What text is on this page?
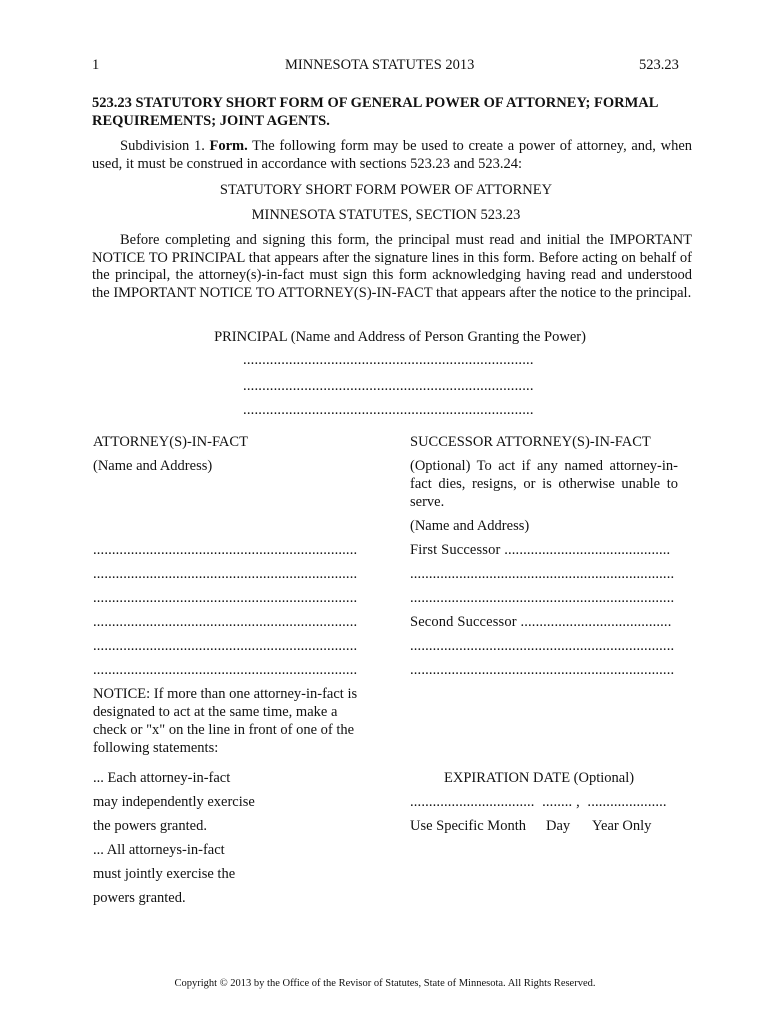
1	MINNESOTA STATUTES 2013	523.23
523.23 STATUTORY SHORT FORM OF GENERAL POWER OF ATTORNEY; FORMAL REQUIREMENTS; JOINT AGENTS.
Subdivision 1. Form. The following form may be used to create a power of attorney, and, when used, it must be construed in accordance with sections 523.23 and 523.24:
STATUTORY SHORT FORM POWER OF ATTORNEY
MINNESOTA STATUTES, SECTION 523.23
Before completing and signing this form, the principal must read and initial the IMPORTANT NOTICE TO PRINCIPAL that appears after the signature lines in this form. Before acting on behalf of the principal, the attorney(s)-in-fact must sign this form acknowledging having read and understood the IMPORTANT NOTICE TO ATTORNEY(S)-IN-FACT that appears after the notice to the principal.
PRINCIPAL (Name and Address of Person Granting the Power)
............................................................................
............................................................................
............................................................................
ATTORNEY(S)-IN-FACT
(Name and Address)
......................................................................
......................................................................
......................................................................
......................................................................
......................................................................
......................................................................
NOTICE: If more than one attorney-in-fact is designated to act at the same time, make a check or "x" on the line in front of one of the following statements:
... Each attorney-in-fact
may independently exercise
the powers granted.
... All attorneys-in-fact
must jointly exercise the
powers granted.
SUCCESSOR ATTORNEY(S)-IN-FACT
(Optional) To act if any named attorney-in-fact dies, resigns, or is otherwise unable to serve.
(Name and Address)
First Successor ............................................
......................................................................
......................................................................
Second Successor ........................................
......................................................................
......................................................................
EXPIRATION DATE (Optional)
.................................  ........ ,  .....................
Use Specific Month Day Year Only
Copyright © 2013 by the Office of the Revisor of Statutes, State of Minnesota. All Rights Reserved.
